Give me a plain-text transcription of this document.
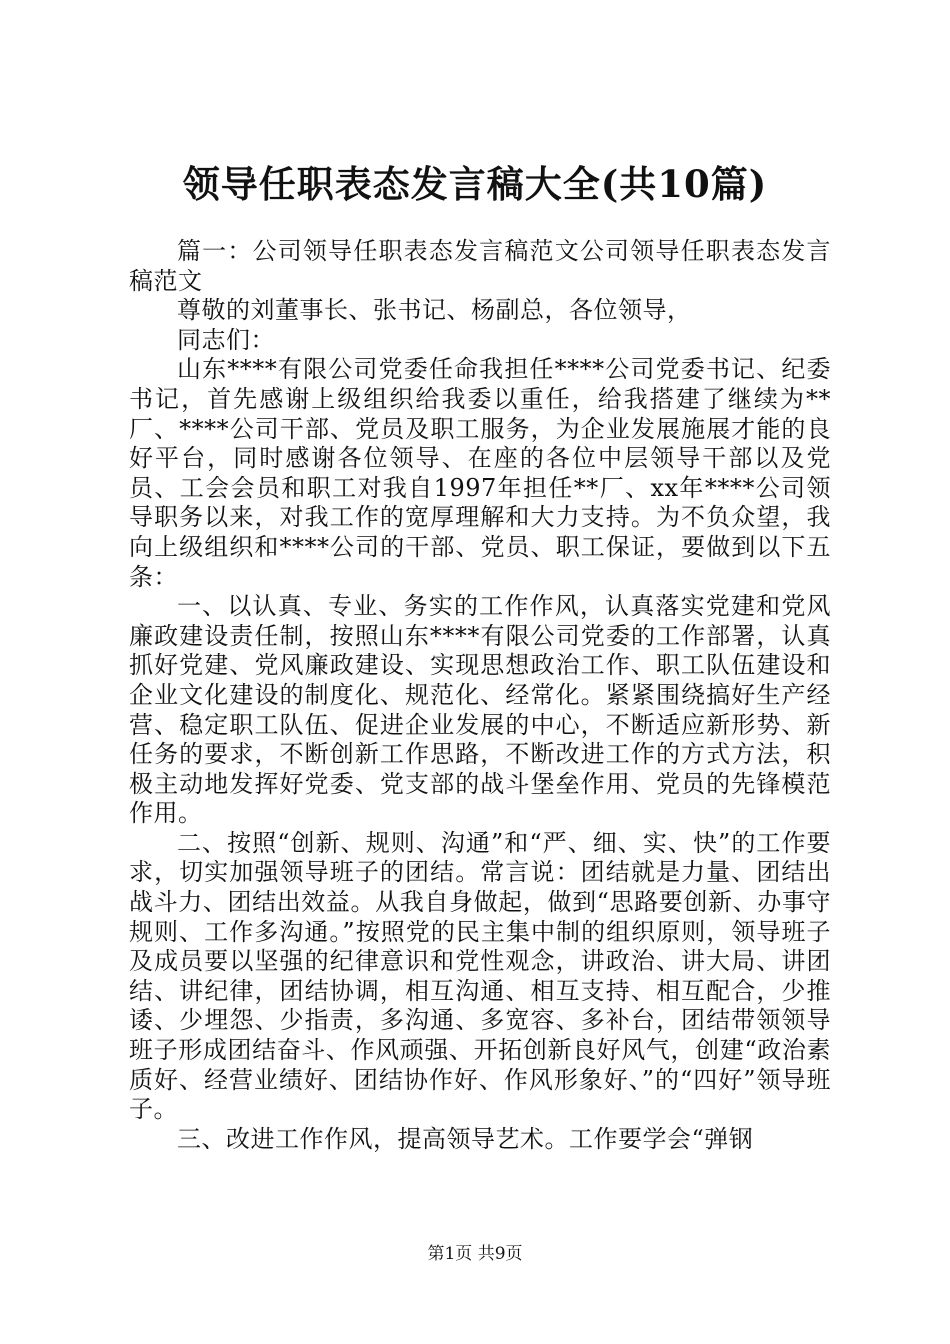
领导任职表态发言稿大全(共10篇)

篇一：公司领导任职表态发言稿范文公司领导任职表态发言稿范文

尊敬的刘董事长、张书记、杨副总，各位领导，

同志们：

山东****有限公司党委任命我担任****公司党委书记、纪委书记，首先感谢上级组织给我委以重任，给我搭建了继续为**厂、****公司干部、党员及职工服务，为企业发展施展才能的良好平台，同时感谢各位领导、在座的各位中层领导干部以及党员、工会会员和职工对我自1997年担任**厂、xx年****公司领导职务以来，对我工作的宽厚理解和大力支持。为不负众望，我向上级组织和****公司的干部、党员、职工保证，要做到以下五条：

一、以认真、专业、务实的工作作风，认真落实党建和党风廉政建设责任制，按照山东****有限公司党委的工作部署，认真抓好党建、党风廉政建设、实现思想政治工作、职工队伍建设和企业文化建设的制度化、规范化、经常化。紧紧围绕搞好生产经营、稳定职工队伍、促进企业发展的中心，不断适应新形势、新任务的要求，不断创新工作思路，不断改进工作的方式方法，积极主动地发挥好党委、党支部的战斗堡垒作用、党员的先锋模范作用。

二、按照“创新、规则、沟通”和“严、细、实、快”的工作要求，切实加强领导班子的团结。常言说：团结就是力量、团结出战斗力、团结出效益。从我自身做起，做到“思路要创新、办事守规则、工作多沟通。”按照党的民主集中制的组织原则，领导班子及成员要以坚强的纪律意识和党性观念，讲政治、讲大局、讲团结、讲纪律，团结协调，相互沟通、相互支持、相互配合，少推诿、少埋怨、少指责，多沟通、多宽容、多补台，团结带领领导班子形成团结奋斗、作风顽强、开拓创新良好风气，创建“政治素质好、经营业绩好、团结协作好、作风形象好、”的“四好”领导班子。

三、改进工作作风，提高领导艺术。工作要学会“弹钢

第1页 共9页
